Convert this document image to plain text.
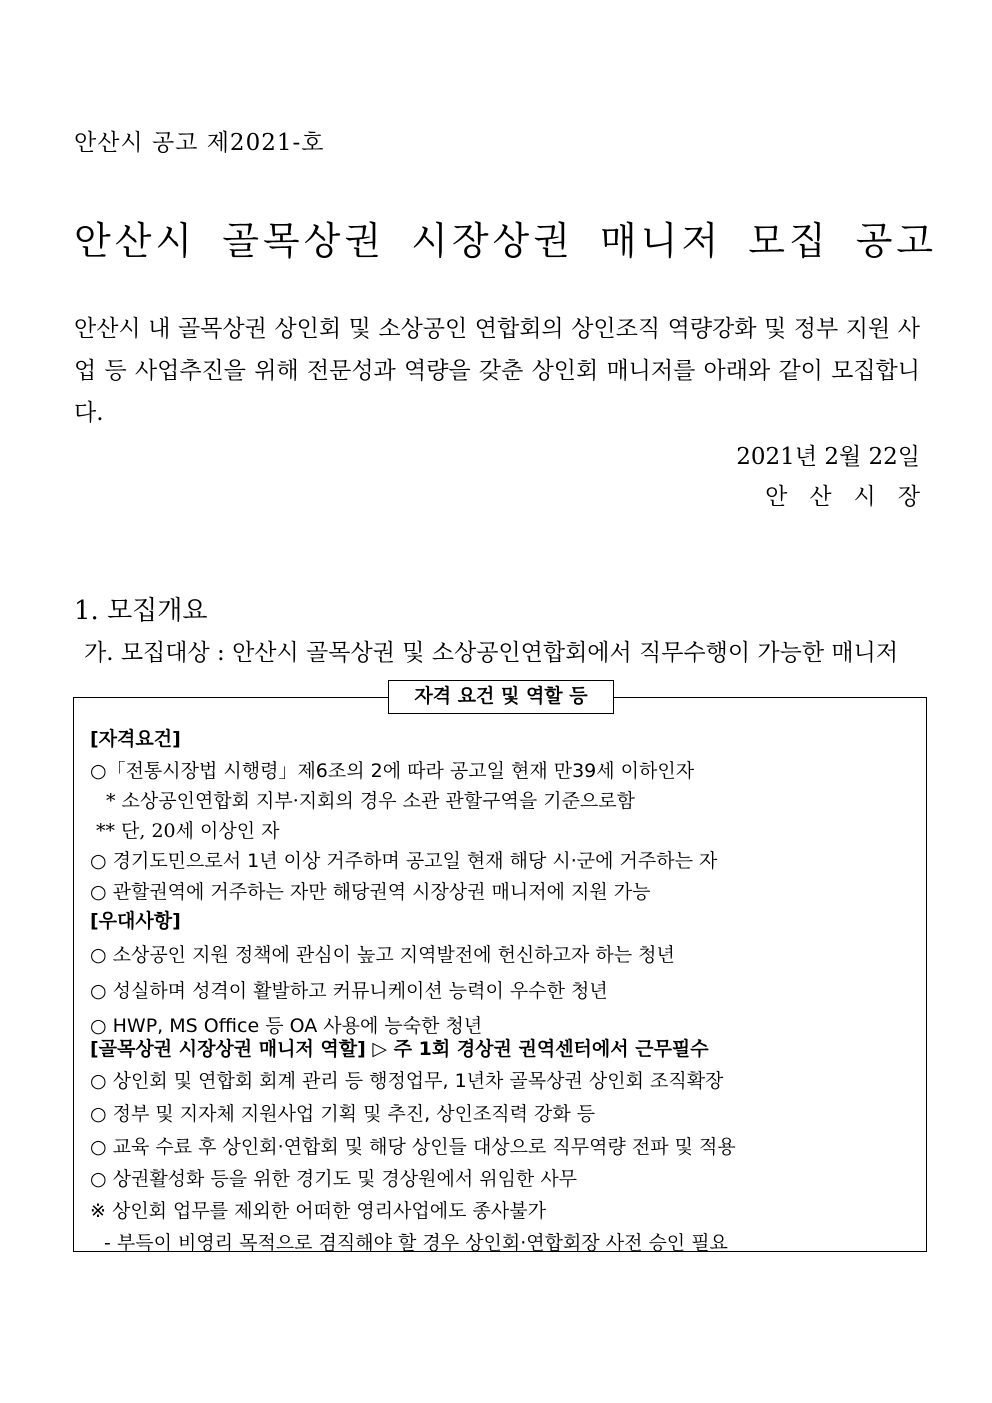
안산시 공고 제2021-호
안산시 골목상권 시장상권 매니저 모집 공고
안산시 내 골목상권 상인회 및 소상공인 연합회의 상인조직 역량강화 및 정부 지원 사업 등 사업추진을 위해 전문성과 역량을 갖춘 상인회 매니저를 아래와 같이 모집합니다.
2021년 2월 22일
안산시장
1. 모집개요
가. 모집대상 : 안산시 골목상권 및 소상공인연합회에서 직무수행이 가능한 매니저
자격 요건 및 역할 등
[자격요건]
○「전통시장법 시행령」제6조의 2에 따라 공고일 현재 만39세 이하인자
* 소상공인연합회 지부·지회의 경우 소관 관할구역을 기준으로함
** 단, 20세 이상인 자
○ 경기도민으로서 1년 이상 거주하며 공고일 현재 해당 시·군에 거주하는 자
○ 관할권역에 거주하는 자만 해당권역 시장상권 매니저에 지원 가능
[우대사항]
○ 소상공인 지원 정책에 관심이 높고 지역발전에 헌신하고자 하는 청년
○ 성실하며 성격이 활발하고 커뮤니케이션 능력이 우수한 청년
○ HWP, MS Office 등 OA 사용에 능숙한 청년
[골목상권 시장상권 매니저 역할] ▷ 주 1회 경상권 권역센터에서 근무필수
○ 상인회 및 연합회 회계 관리 등 행정업무, 1년차 골목상권 상인회 조직확장
○ 정부 및 지자체 지원사업 기획 및 추진, 상인조직력 강화 등
○ 교육 수료 후 상인회·연합회 및 해당 상인들 대상으로 직무역량 전파 및 적용
○ 상권활성화 등을 위한 경기도 및 경상원에서 위임한 사무
※ 상인회 업무를 제외한 어떠한 영리사업에도 종사불가
- 부득이 비영리 목적으로 겸직해야 할 경우 상인회·연합회장 사전 승인 필요
